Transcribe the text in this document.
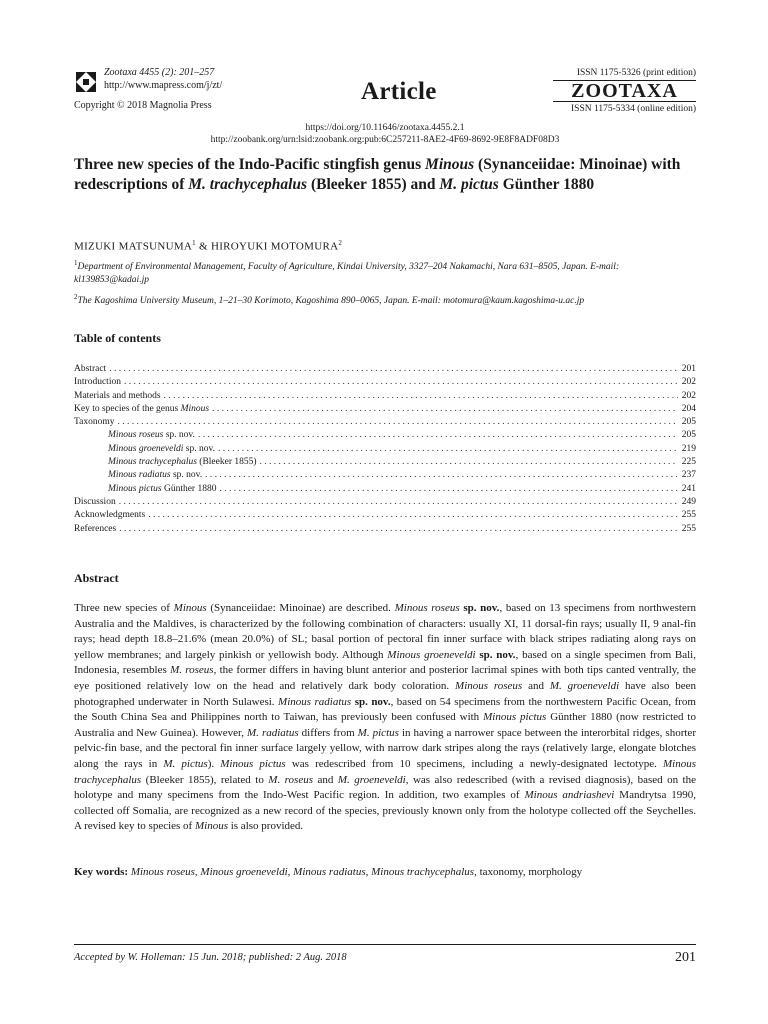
Zootaxa 4455 (2): 201–257
http://www.mapress.com/j/zt/
Copyright © 2018 Magnolia Press
Article
ISSN 1175-5326 (print edition)
ZOOTAXA
ISSN 1175-5334 (online edition)
https://doi.org/10.11646/zootaxa.4455.2.1
http://zoobank.org/urn:lsid:zoobank.org:pub:6C257211-8AE2-4F69-8692-9E8F8ADF08D3
Three new species of the Indo-Pacific stingfish genus Minous (Synanceiidae: Minoinae) with redescriptions of M. trachycephalus (Bleeker 1855) and M. pictus Günther 1880
MIZUKI MATSUNUMA$^1$ & HIROYUKI MOTOMURA$^2$

$^1$Department of Environmental Management, Faculty of Agriculture, Kindai University, 3327–204 Nakamachi, Nara 631–8505, Japan. E-mail: kl139853@kadai.jp

$^2$The Kagoshima University Museum, 1–21–30 Korimoto, Kagoshima 890–0065, Japan. E-mail: motomura@kaum.kagoshima-u.ac.jp

Table of contents
Abstract . . .	201
Introduction . . .	202
Materials and methods . . .	202
Key to species of the genus Minous . . .	204
Taxonomy . . .	205
Minous roseus sp. nov. . . .	205
Minous groeneveldi sp. nov. . . .	219
Minous trachycephalus (Bleeker 1855) . . .	225
Minous radiatus sp. nov. . . .	237
Minous pictus Günther 1880 . . .	241
Discussion . . .	249
Acknowledgments . . .	255
References . . .	255
Abstract
Three new species of Minous (Synanceiidae: Minoinae) are described. Minous roseus sp. nov., based on 13 specimens from northwestern Australia and the Maldives, is characterized by the following combination of characters: usually XI, 11 dorsal-fin rays; usually II, 9 anal-fin rays; head depth 18.8–21.6% (mean 20.0%) of SL; basal portion of pectoral fin inner surface with black stripes radiating along rays on yellow membranes; and largely pinkish or yellowish body. Although Minous groeneveldi sp. nov., based on a single specimen from Bali, Indonesia, resembles M. roseus, the former differs in having blunt anterior and posterior lacrimal spines with both tips canted ventrally, the eye positioned relatively low on the head and relatively dark body coloration. Minous roseus and M. groeneveldi have also been photographed underwater in North Sulawesi. Minous radiatus sp. nov., based on 54 specimens from the northwestern Pacific Ocean, from the South China Sea and Philippines north to Taiwan, has previously been confused with Minous pictus Günther 1880 (now restricted to Australia and New Guinea). However, M. radiatus differs from M. pictus in having a narrower space between the interorbital ridges, shorter pelvic-fin base, and the pectoral fin inner surface largely yellow, with narrow dark stripes along the rays (relatively large, elongate blotches along the rays in M. pictus). Minous pictus was redescribed from 10 specimens, including a newly-designated lectotype. Minous trachycephalus (Bleeker 1855), related to M. roseus and M. groeneveldi, was also redescribed (with a revised diagnosis), based on the holotype and many specimens from the Indo-West Pacific region. In addition, two examples of Minous andriashevi Mandrytsa 1990, collected off Somalia, are recognized as a new record of the species, previously known only from the holotype collected off the Seychelles. A revised key to species of Minous is also provided.
Key words: Minous roseus, Minous groeneveldi, Minous radiatus, Minous trachycephalus, taxonomy, morphology
Accepted by W. Holleman: 15 Jun. 2018; published: 2 Aug. 2018	201
